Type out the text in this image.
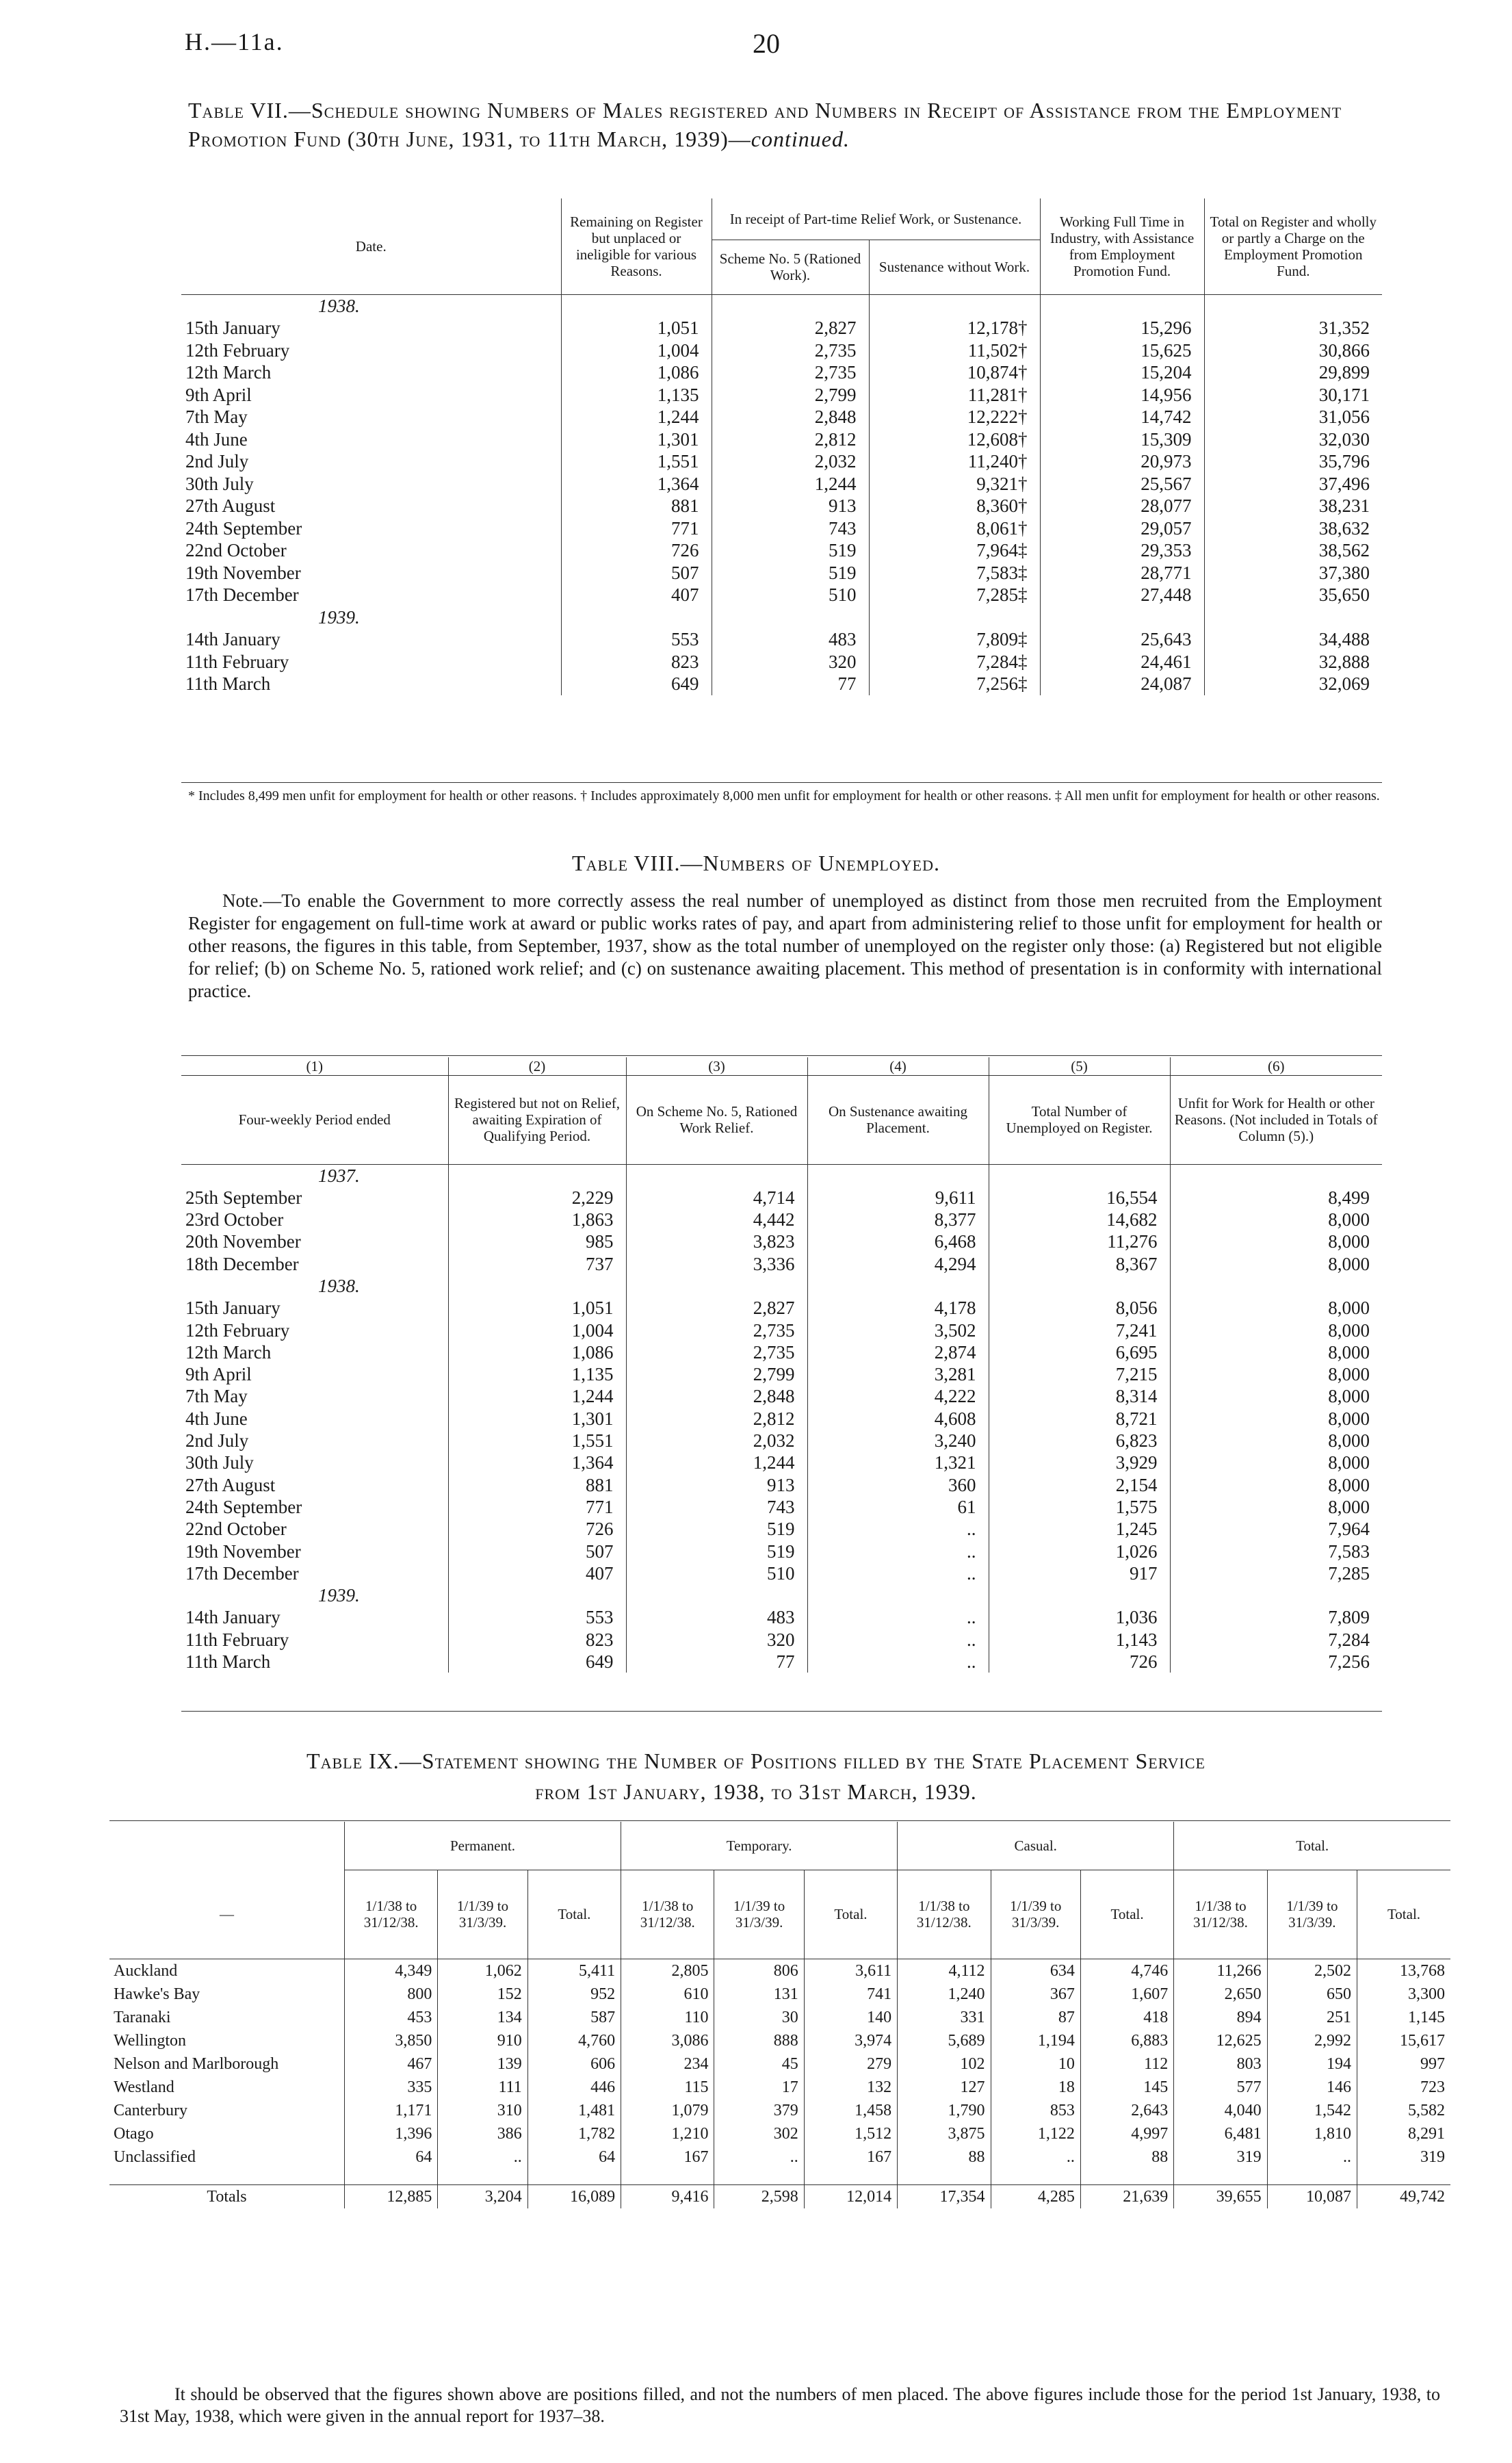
H.—11a.	20
Table VII.—Schedule showing Numbers of Males registered and Numbers in Receipt of Assistance from the Employment Promotion Fund (30th June, 1931, to 11th March, 1939)—continued.
Date.	Remaining on Register but unplaced or ineligible for various Reasons.	In receipt of Part-time Relief Work, or Sustenance.		Working Full Time in Industry, with Assistance from Employment Promotion Fund.	Total on Register and wholly or partly a Charge on the Employment Promotion Fund.
		Scheme No. 5 (Rationed Work).	Sustenance without Work.		
1938.					
15th January	1,051	2,827	12,178†	15,296	31,352
12th February	1,004	2,735	11,502†	15,625	30,866
12th March	1,086	2,735	10,874†	15,204	29,899
9th April	1,135	2,799	11,281†	14,956	30,171
7th May	1,244	2,848	12,222†	14,742	31,056
4th June	1,301	2,812	12,608†	15,309	32,030
2nd July	1,551	2,032	11,240†	20,973	35,796
30th July	1,364	1,244	9,321†	25,567	37,496
27th August	881	913	8,360†	28,077	38,231
24th September	771	743	8,061†	29,057	38,632
22nd October	726	519	7,964‡	29,353	38,562
19th November	507	519	7,583‡	28,771	37,380
17th December	407	510	7,285‡	27,448	35,650
1939.					
14th January	553	483	7,809‡	25,643	34,488
11th February	823	320	7,284‡	24,461	32,888
11th March	649	77	7,256‡	24,087	32,069
* Includes 8,499 men unfit for employment for health or other reasons. † Includes approximately 8,000 men unfit for employment for health or other reasons. ‡ All men unfit for employment for health or other reasons.
Table VIII.—Numbers of Unemployed.
Note.—To enable the Government to more correctly assess the real number of unemployed as distinct from those men recruited from the Employment Register for engagement on full-time work at award or public works rates of pay, and apart from administering relief to those unfit for employment for health or other reasons, the figures in this table, from September, 1937, show as the total number of unemployed on the register only those: (a) Registered but not eligible for relief; (b) on Scheme No. 5, rationed work relief; and (c) on sustenance awaiting placement. This method of presentation is in conformity with international practice.
(1)	(2)	(3)	(4)	(5)	(6)
Four-weekly Period ended	Registered but not on Relief, awaiting Expiration of Qualifying Period.	On Scheme No. 5, Rationed Work Relief.	On Sustenance awaiting Placement.	Total Number of Unemployed on Register.	Unfit for Work for Health or other Reasons. (Not included in Totals of Column (5).)
1937.					
25th September	2,229	4,714	9,611	16,554	8,499
23rd October	1,863	4,442	8,377	14,682	8,000
20th November	985	3,823	6,468	11,276	8,000
18th December	737	3,336	4,294	8,367	8,000
1938.					
15th January	1,051	2,827	4,178	8,056	8,000
12th February	1,004	2,735	3,502	7,241	8,000
12th March	1,086	2,735	2,874	6,695	8,000
9th April	1,135	2,799	3,281	7,215	8,000
7th May	1,244	2,848	4,222	8,314	8,000
4th June	1,301	2,812	4,608	8,721	8,000
2nd July	1,551	2,032	3,240	6,823	8,000
30th July	1,364	1,244	1,321	3,929	8,000
27th August	881	913	360	2,154	8,000
24th September	771	743	61	1,575	8,000
22nd October	726	519	..	1,245	7,964
19th November	507	519	..	1,026	7,583
17th December	407	510	..	917	7,285
1939.					
14th January	553	483	..	1,036	7,809
11th February	823	320	..	1,143	7,284
11th March	649	77	..	726	7,256
Table IX.—Statement showing the Number of Positions filled by the State Placement Service
from 1st January, 1938, to 31st March, 1939.
	Permanent.			Temporary.			Casual.			Total.		
—	1/1/38 to 31/12/38.	1/1/39 to 31/3/39.	Total.	1/1/38 to 31/12/38.	1/1/39 to 31/3/39.	Total.	1/1/38 to 31/12/38.	1/1/39 to 31/3/39.	Total.	1/1/38 to 31/12/38.	1/1/39 to 31/3/39.	Total.
Auckland	4,349	1,062	5,411	2,805	806	3,611	4,112	634	4,746	11,266	2,502	13,768
Hawke's Bay	800	152	952	610	131	741	1,240	367	1,607	2,650	650	3,300
Taranaki	453	134	587	110	30	140	331	87	418	894	251	1,145
Wellington	3,850	910	4,760	3,086	888	3,974	5,689	1,194	6,883	12,625	2,992	15,617
Nelson and Marlborough	467	139	606	234	45	279	102	10	112	803	194	997
Westland	335	111	446	115	17	132	127	18	145	577	146	723
Canterbury	1,171	310	1,481	1,079	379	1,458	1,790	853	2,643	4,040	1,542	5,582
Otago	1,396	386	1,782	1,210	302	1,512	3,875	1,122	4,997	6,481	1,810	8,291
Unclassified	64	..	64	167	..	167	88	..	88	319	..	319

Totals	12,885	3,204	16,089	9,416	2,598	12,014	17,354	4,285	21,639	39,655	10,087	49,742
It should be observed that the figures shown above are positions filled, and not the numbers of men placed. The above figures include those for the period 1st January, 1938, to 31st May, 1938, which were given in the annual report for 1937–38.
